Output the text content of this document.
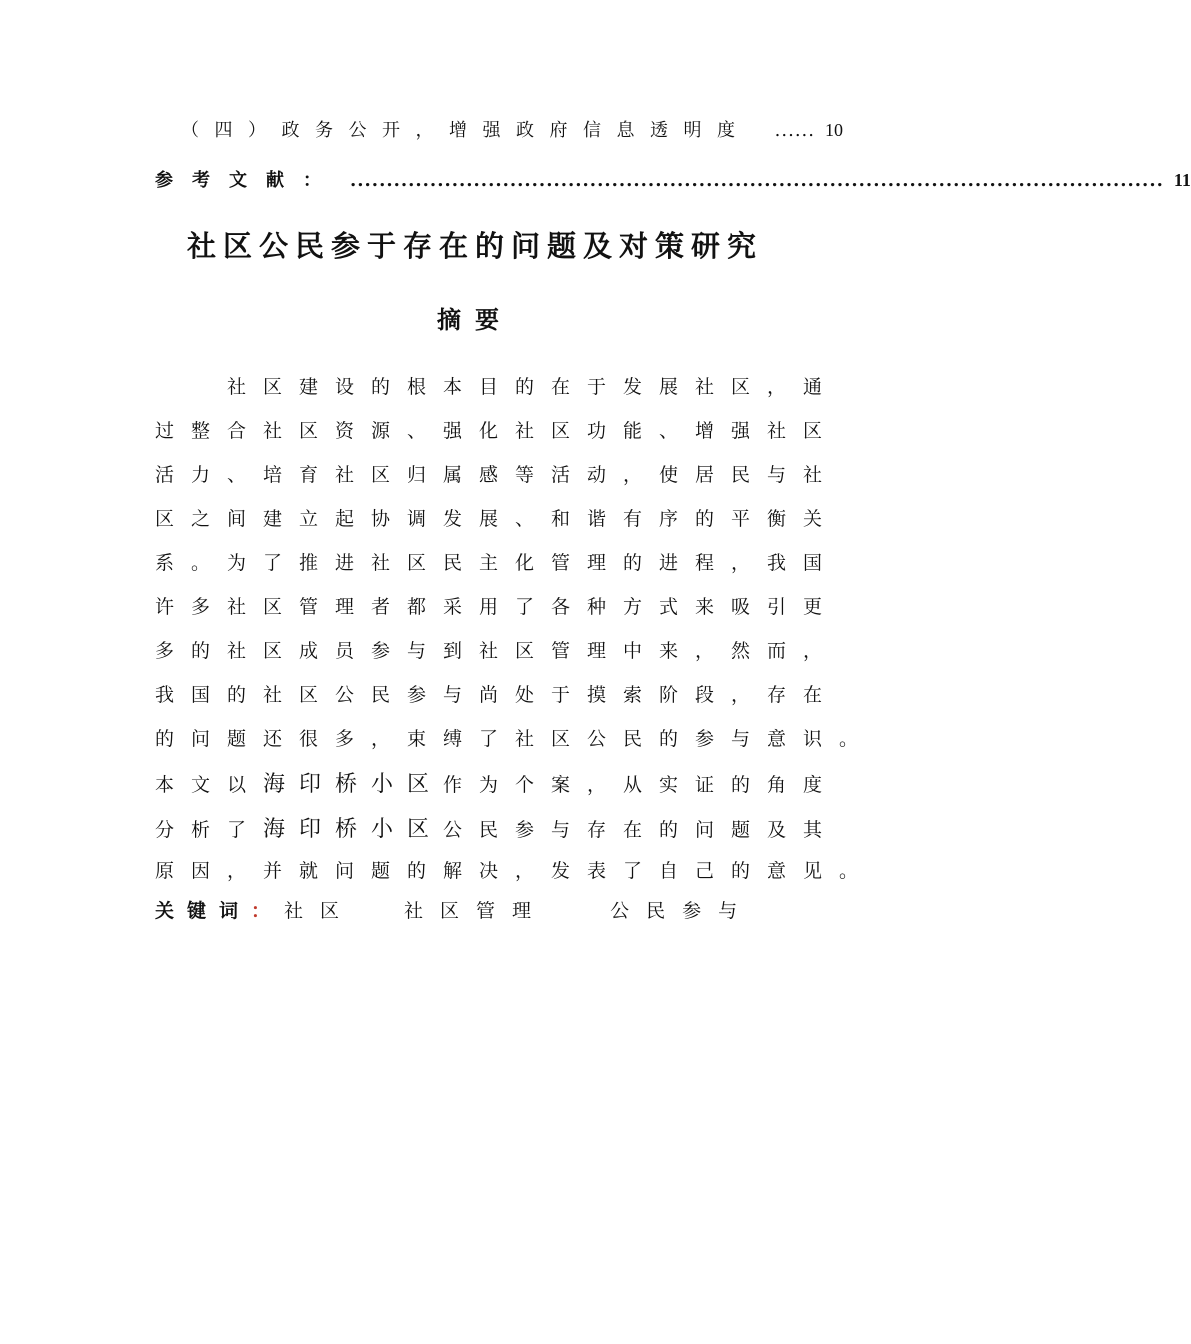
（四）政务公开，增强政府信息透明度	...... 10
参考文献： ................................................................................................................ 11
社区公民参于存在的问题及对策研究
摘要
　　社区建设的根本目的在于发展社区，通
过整合社区资源、强化社区功能、增强社区
活力、培育社区归属感等活动，使居民与社
区之间建立起协调发展、和谐有序的平衡关
系。为了推进社区民主化管理的进程，我国
许多社区管理者都采用了各种方式来吸引更
多的社区成员参与到社区管理中来，然而，
我国的社区公民参与尚处于摸索阶段，存在
的问题还很多，束缚了社区公民的参与意识。
本文以海印桥小区作为个案，从实证的角度
分析了海印桥小区公民参与存在的问题及其
原因，并就问题的解决，发表了自己的意见。
关键词： 社区	社区管理	公民参与
